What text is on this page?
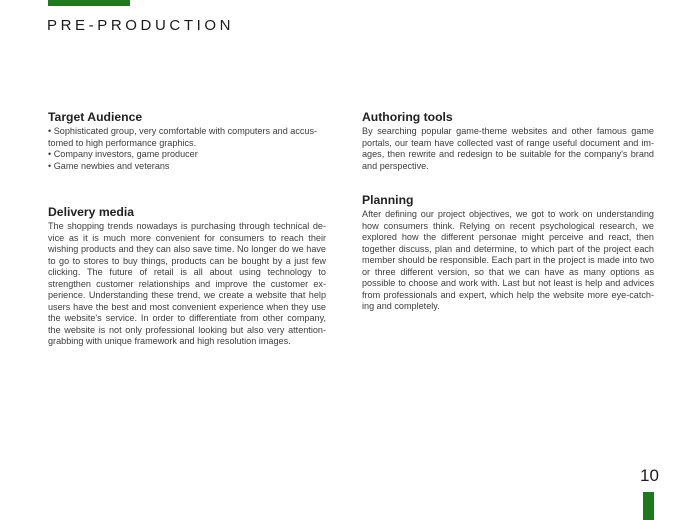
PRE-PRODUCTION
Target Audience
• Sophisticated group, very comfortable with computers and accustomed to high performance graphics.
• Company investors, game producer
• Game newbies and veterans
Delivery media

The shopping trends nowadays is purchasing through technical device as it is much more convenient for consumers to reach their wishing products and they can also save time. No longer do we have to go to stores to buy things, products can be bought by a just few clicking. The future of retail is all about using technology to strengthen customer relationships and improve the customer experience. Understanding these trend, we create a website that help users have the best and most convenient experience when they use the website's service. In order to differentiate from other company, the website is not only professional looking but also very attention-grabbing with unique framework and high resolution images.

Authoring tools

By searching popular game-theme websites and other famous game portals, our team have collected vast of range useful document and images, then rewrite and redesign to be suitable for the company's brand and perspective.

Planning

After defining our project objectives, we got to work on understanding how consumers think. Relying on recent psychological research, we explored how the different personae might perceive and react, then together discuss, plan and determine, to which part of the project each member should be responsible. Each part in the project is made into two or three different version, so that we can have as many options as possible to choose and work with. Last but not least is help and advices from professionals and expert, which help the website more eye-catching and completely.

10
